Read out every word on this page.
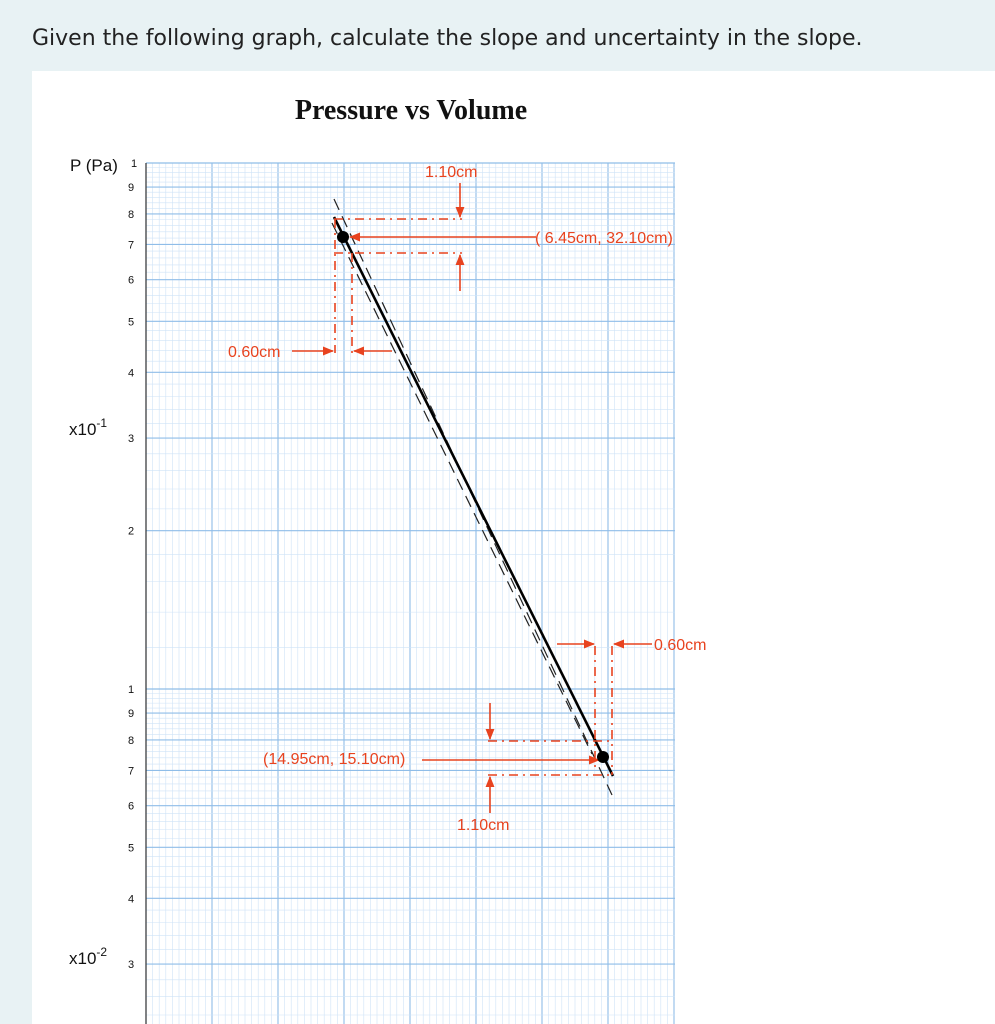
Given the following graph, calculate the slope and uncertainty in the slope.
Pressure vs Volume
P (Pa)
$x10^{-1}$
$x10^{-2}$
1
9
8
7
6
5
4
3
2
1
9
8
7
6
5
4
3
1.10cm
( 6.45cm, 32.10cm)
0.60cm
0.60cm
(14.95cm, 15.10cm)
1.10cm
